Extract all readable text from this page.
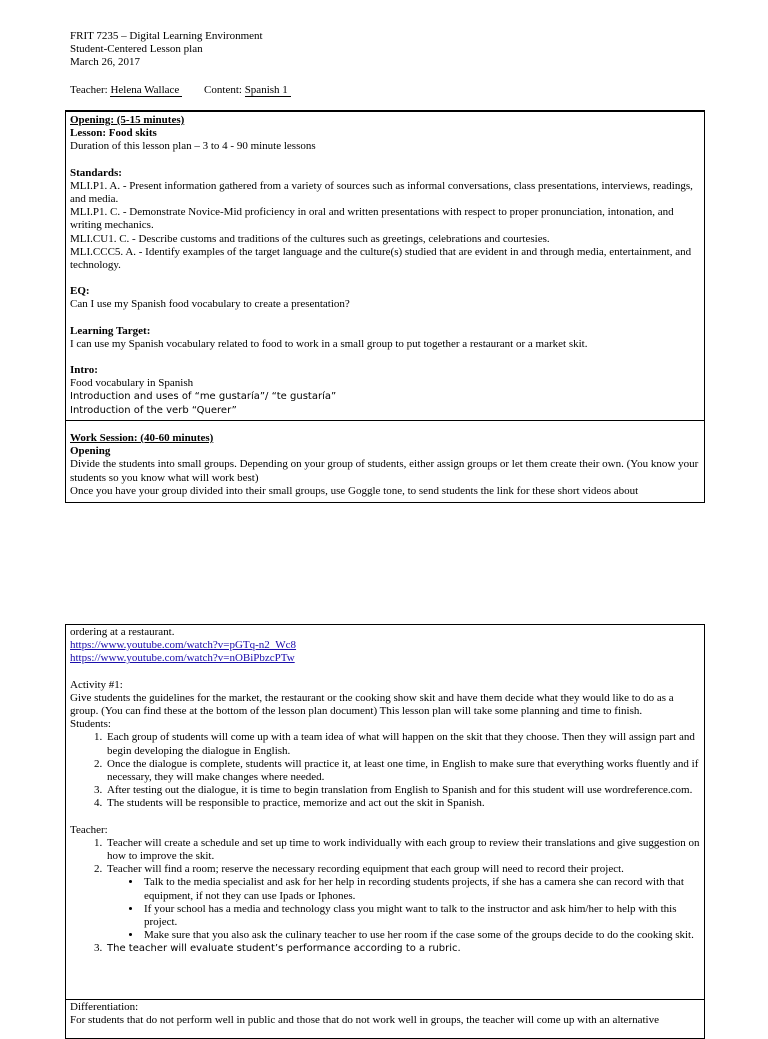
FRIT 7235 – Digital Learning Environment

Student-Centered Lesson plan

March 26, 2017

Teacher: Helena Wallace         Content: Spanish 1

Opening: (5-15 minutes)

Lesson: Food skits

Duration of this lesson plan – 3 to 4 - 90 minute lessons

Standards:

MLI.P1. A. - Present information gathered from a variety of sources such as informal conversations, class presentations, interviews, readings, and media.

MLI.P1. C. - Demonstrate Novice-Mid proficiency in oral and written presentations with respect to proper pronunciation, intonation, and writing mechanics.

MLI.CU1. C. - Describe customs and traditions of the cultures such as greetings, celebrations and courtesies.

MLI.CCC5. A. - Identify examples of the target language and the culture(s) studied that are evident in and through media, entertainment, and technology.

EQ:

Can I use my Spanish food vocabulary to create a presentation?

Learning Target:

I can use my Spanish vocabulary related to food to work in a small group to put together a restaurant or a market skit.

Intro:

Food vocabulary in Spanish

Introduction and uses of “me gustaría”/ “te gustaría”

Introduction of the verb “Querer”

Work Session: (40-60 minutes)

Opening

Divide the students into small groups. Depending on your group of students, either assign groups or let them create their own. (You know your students so you know what will work best)

Once you have your group divided into their small groups, use Goggle tone, to send students the link for these short videos about

ordering at a restaurant.

https://www.youtube.com/watch?v=pGTq-n2_Wc8

https://www.youtube.com/watch?v=nOBiPbzcPTw

Activity #1:

Give students the guidelines for the market, the restaurant or the cooking show skit and have them decide what they would like to do as a group. (You can find these at the bottom of the lesson plan document) This lesson plan will take some planning and time to finish.

Students:

1. Each group of students will come up with a team idea of what will happen on the skit that they choose. Then they will assign part and begin developing the dialogue in English.
2. Once the dialogue is complete, students will practice it, at least one time, in English to make sure that everything works fluently and if necessary, they will make changes where needed.
3. After testing out the dialogue, it is time to begin translation from English to Spanish and for this student will use wordreference.com.
4. The students will be responsible to practice, memorize and act out the skit in Spanish.

Teacher:

1. Teacher will create a schedule and set up time to work individually with each group to review their translations and give suggestion on how to improve the skit.
2. Teacher will find a room; reserve the necessary recording equipment that each group will need to record their project.
• Talk to the media specialist and ask for her help in recording students projects, if she has a camera she can record with that equipment, if not they can use Ipads or Iphones.
• If your school has a media and technology class you might want to talk to the instructor and ask him/her to help with this project.
• Make sure that you also ask the culinary teacher to use her room if the case some of the groups decide to do the cooking skit.
3. The teacher will evaluate student’s performance according to a rubric.

Differentiation:

For students that do not perform well in public and those that do not work well in groups, the teacher will come up with an alternative
